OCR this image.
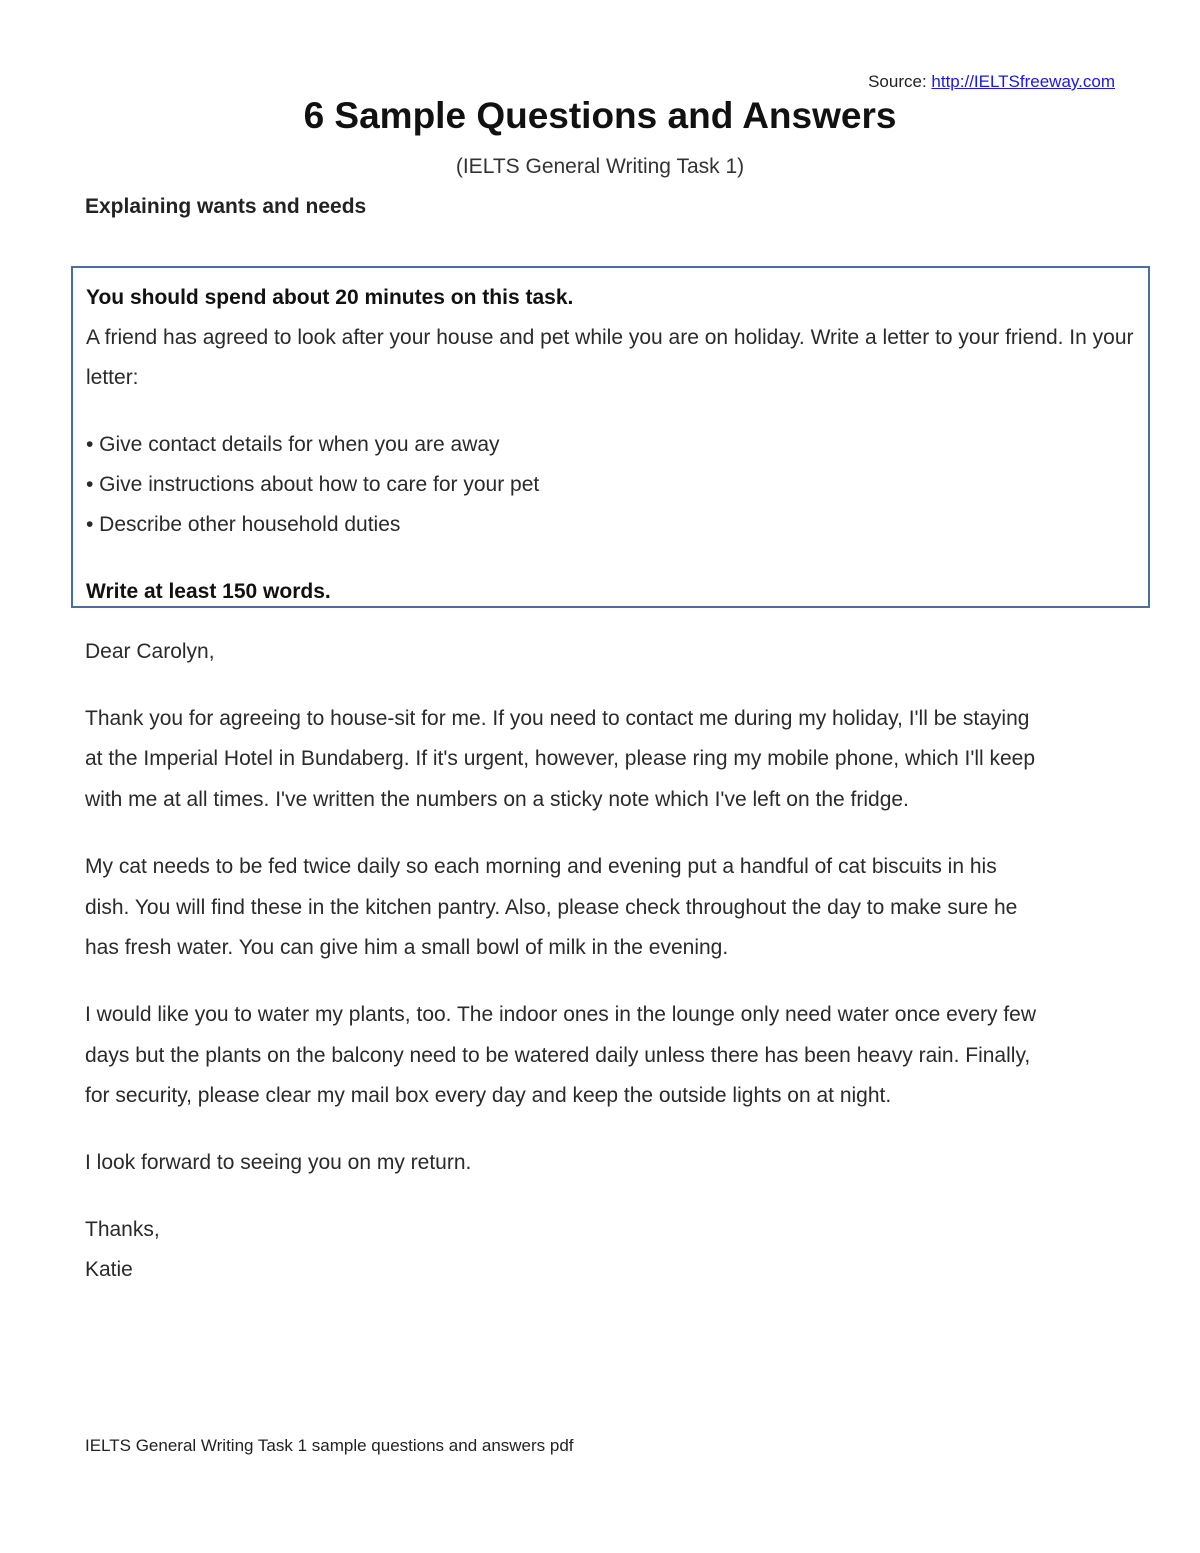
Source: http://IELTSfreeway.com
6 Sample Questions and Answers
(IELTS General Writing Task 1)
Explaining wants and needs

You should spend about 20 minutes on this task.

A friend has agreed to look after your house and pet while you are on holiday. Write a letter to your friend. In your letter:

• Give contact details for when you are away
• Give instructions about how to care for your pet
• Describe other household duties

Write at least 150 words.

Dear Carolyn,

Thank you for agreeing to house-sit for me. If you need to contact me during my holiday, I'll be staying at the Imperial Hotel in Bundaberg. If it's urgent, however, please ring my mobile phone, which I'll keep with me at all times. I've written the numbers on a sticky note which I've left on the fridge.

My cat needs to be fed twice daily so each morning and evening put a handful of cat biscuits in his dish. You will find these in the kitchen pantry. Also, please check throughout the day to make sure he has fresh water. You can give him a small bowl of milk in the evening.

I would like you to water my plants, too. The indoor ones in the lounge only need water once every few days but the plants on the balcony need to be watered daily unless there has been heavy rain. Finally, for security, please clear my mail box every day and keep the outside lights on at night.

I look forward to seeing you on my return.

Thanks,

Katie

IELTS General Writing Task 1 sample questions and answers pdf
